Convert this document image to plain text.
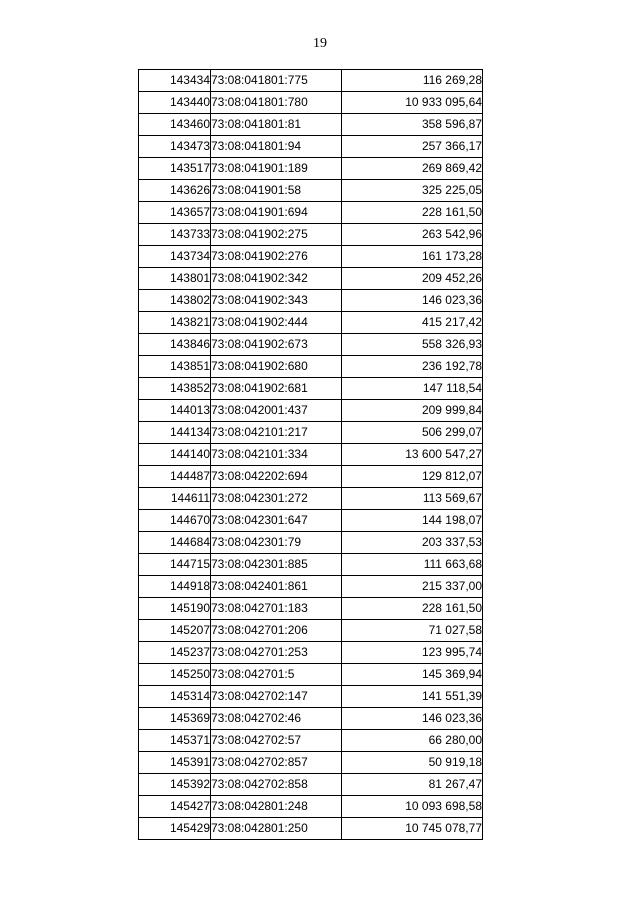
19
143434	73:08:041801:775	116 269,28
143440	73:08:041801:780	10 933 095,64
143460	73:08:041801:81	358 596,87
143473	73:08:041801:94	257 366,17
143517	73:08:041901:189	269 869,42
143626	73:08:041901:58	325 225,05
143657	73:08:041901:694	228 161,50
143733	73:08:041902:275	263 542,96
143734	73:08:041902:276	161 173,28
143801	73:08:041902:342	209 452,26
143802	73:08:041902:343	146 023,36
143821	73:08:041902:444	415 217,42
143846	73:08:041902:673	558 326,93
143851	73:08:041902:680	236 192,78
143852	73:08:041902:681	147 118,54
144013	73:08:042001:437	209 999,84
144134	73:08:042101:217	506 299,07
144140	73:08:042101:334	13 600 547,27
144487	73:08:042202:694	129 812,07
144611	73:08:042301:272	113 569,67
144670	73:08:042301:647	144 198,07
144684	73:08:042301:79	203 337,53
144715	73:08:042301:885	111 663,68
144918	73:08:042401:861	215 337,00
145190	73:08:042701:183	228 161,50
145207	73:08:042701:206	71 027,58
145237	73:08:042701:253	123 995,74
145250	73:08:042701:5	145 369,94
145314	73:08:042702:147	141 551,39
145369	73:08:042702:46	146 023,36
145371	73:08:042702:57	66 280,00
145391	73:08:042702:857	50 919,18
145392	73:08:042702:858	81 267,47
145427	73:08:042801:248	10 093 698,58
145429	73:08:042801:250	10 745 078,77
